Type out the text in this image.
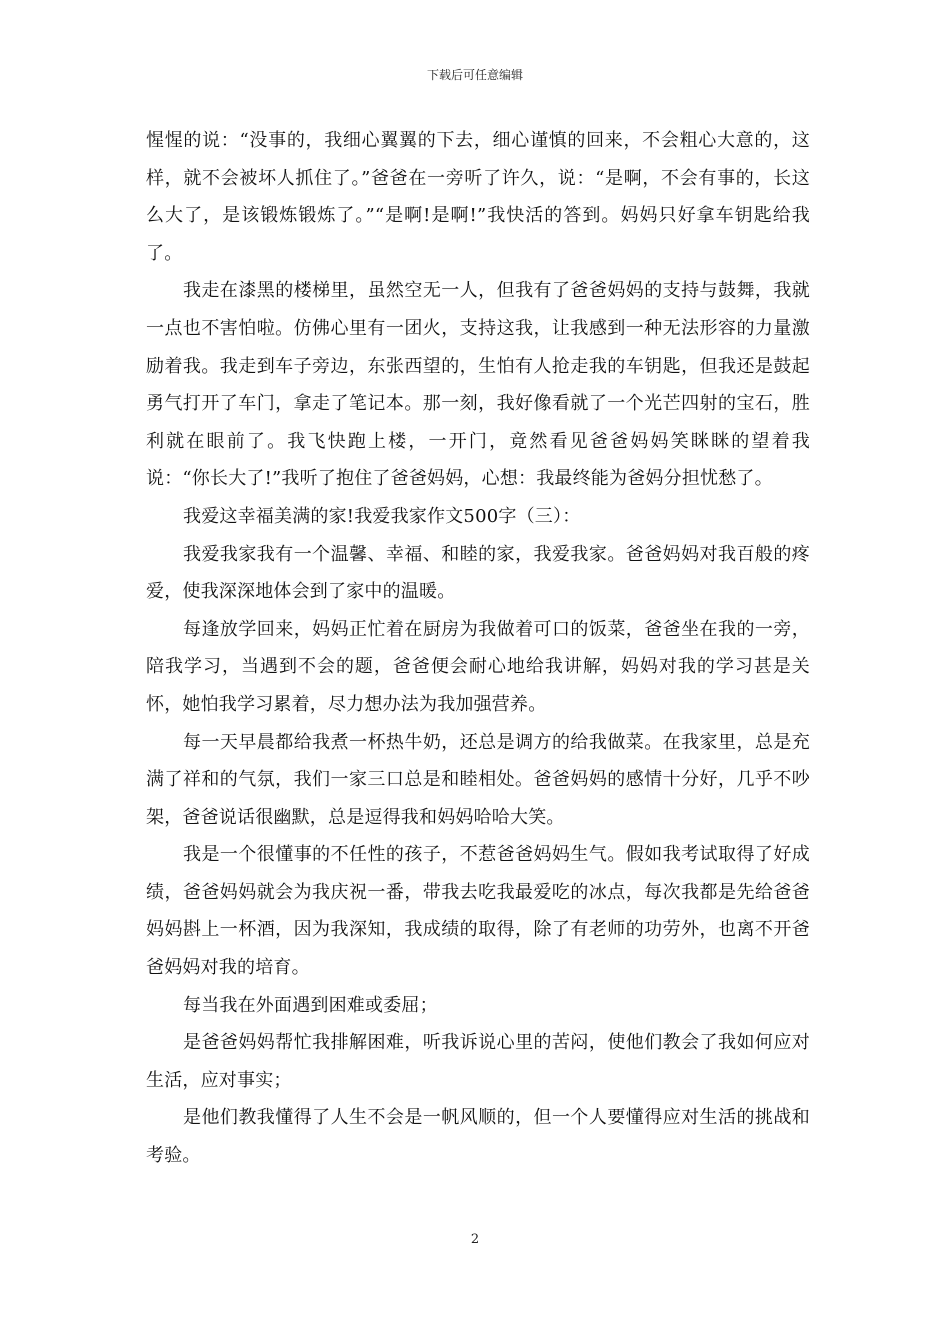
下载后可任意编辑

惺惺的说：“没事的，我细心翼翼的下去，细心谨慎的回来，不会粗心大意的，这样，就不会被坏人抓住了。”爸爸在一旁听了许久，说：“是啊，不会有事的，长这么大了，是该锻炼锻炼了。”“是啊!是啊!”我快活的答到。妈妈只好拿车钥匙给我了。

我走在漆黑的楼梯里，虽然空无一人，但我有了爸爸妈妈的支持与鼓舞，我就一点也不害怕啦。仿佛心里有一团火，支持这我，让我感到一种无法形容的力量激励着我。我走到车子旁边，东张西望的，生怕有人抢走我的车钥匙，但我还是鼓起勇气打开了车门，拿走了笔记本。那一刻，我好像看就了一个光芒四射的宝石，胜利就在眼前了。我飞快跑上楼，一开门，竟然看见爸爸妈妈笑眯眯的望着我说：“你长大了!”我听了抱住了爸爸妈妈，心想：我最终能为爸妈分担忧愁了。

我爱这幸福美满的家!我爱我家作文500字（三）：

我爱我家我有一个温馨、幸福、和睦的家，我爱我家。爸爸妈妈对我百般的疼爱，使我深深地体会到了家中的温暖。

每逢放学回来，妈妈正忙着在厨房为我做着可口的饭菜，爸爸坐在我的一旁，陪我学习，当遇到不会的题，爸爸便会耐心地给我讲解，妈妈对我的学习甚是关怀，她怕我学习累着，尽力想办法为我加强营养。

每一天早晨都给我煮一杯热牛奶，还总是调方的给我做菜。在我家里，总是充满了祥和的气氛，我们一家三口总是和睦相处。爸爸妈妈的感情十分好，几乎不吵架，爸爸说话很幽默，总是逗得我和妈妈哈哈大笑。

我是一个很懂事的不任性的孩子，不惹爸爸妈妈生气。假如我考试取得了好成绩，爸爸妈妈就会为我庆祝一番，带我去吃我最爱吃的冰点，每次我都是先给爸爸妈妈斟上一杯酒，因为我深知，我成绩的取得，除了有老师的功劳外，也离不开爸爸妈妈对我的培育。

每当我在外面遇到困难或委屈；

是爸爸妈妈帮忙我排解困难，听我诉说心里的苦闷，使他们教会了我如何应对生活，应对事实；

是他们教我懂得了人生不会是一帆风顺的，但一个人要懂得应对生活的挑战和考验。

2
